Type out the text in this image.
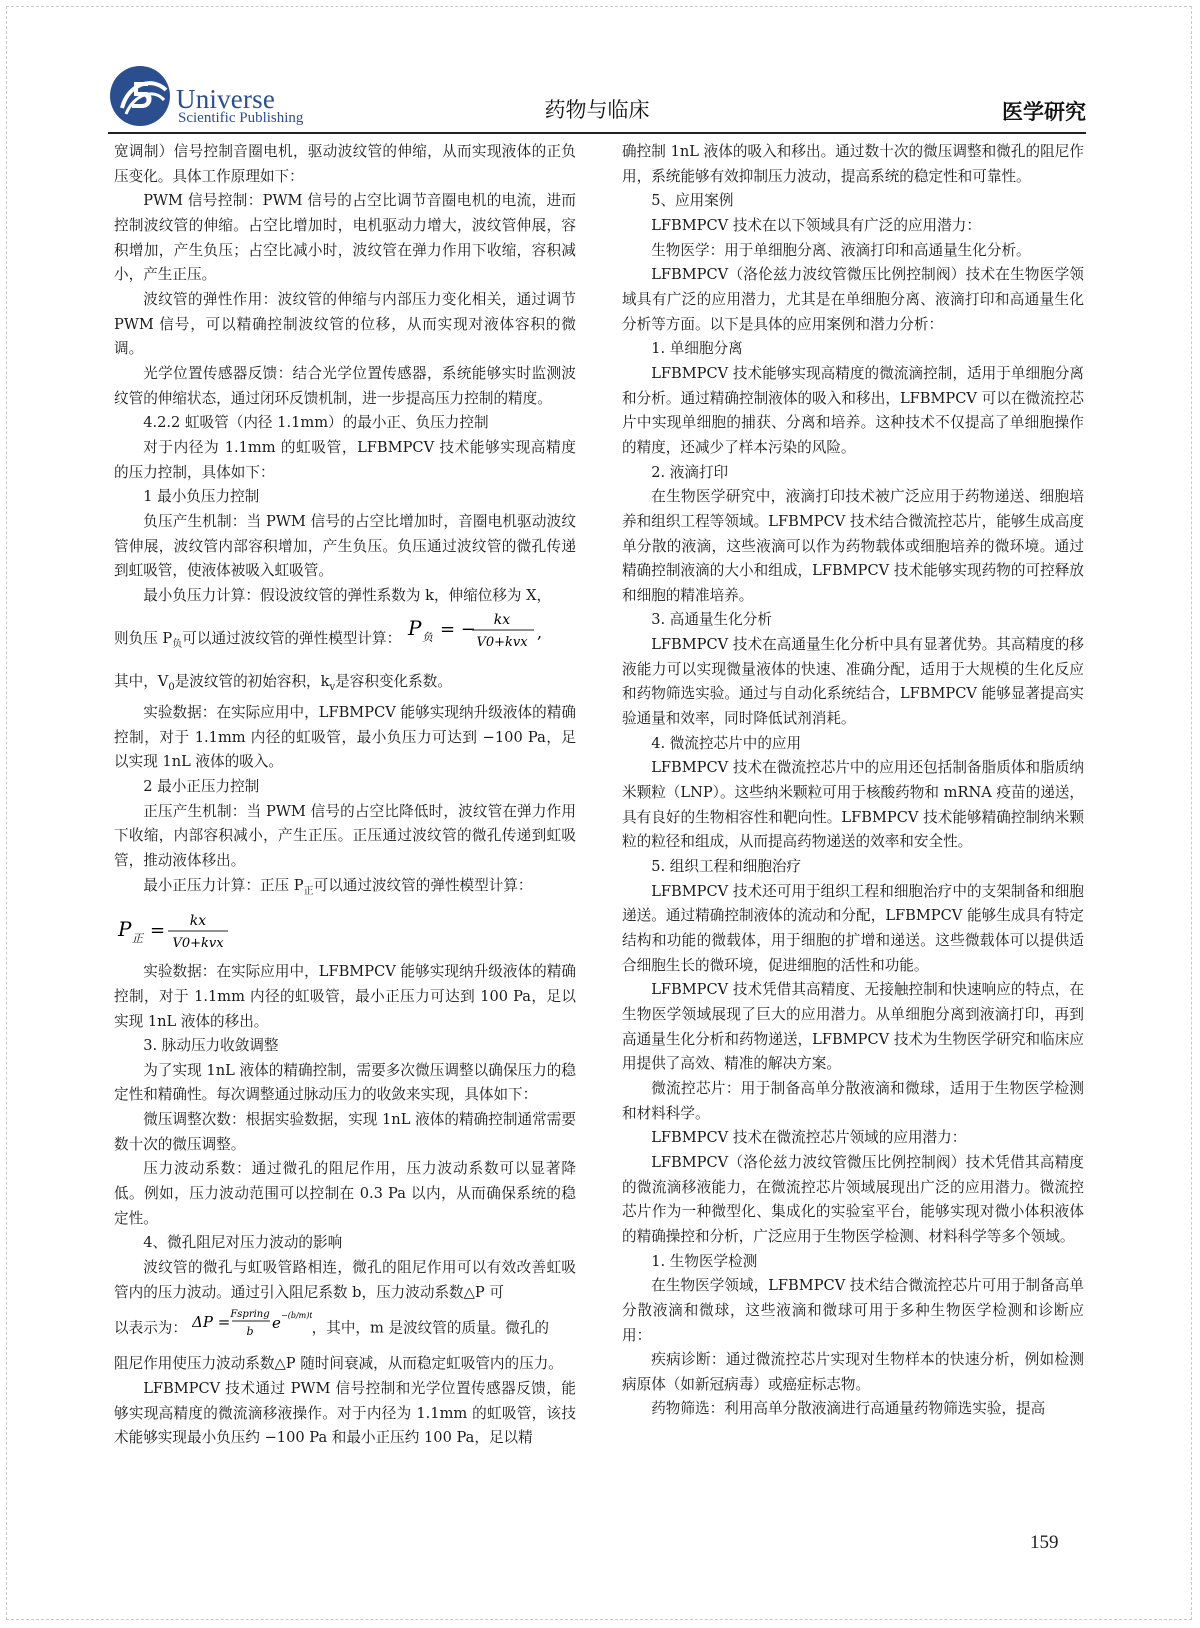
Universe
Scientific Publishing	药物与临床	医学研究

宽调制）信号控制音圈电机，驱动波纹管的伸缩，从而实现液体的正负压变化。具体工作原理如下：

PWM 信号控制：PWM 信号的占空比调节音圈电机的电流，进而控制波纹管的伸缩。占空比增加时，电机驱动力增大，波纹管伸展，容积增加，产生负压；占空比减小时，波纹管在弹力作用下收缩，容积减小，产生正压。

波纹管的弹性作用：波纹管的伸缩与内部压力变化相关，通过调节 PWM 信号，可以精确控制波纹管的位移，从而实现对液体容积的微调。

光学位置传感器反馈：结合光学位置传感器，系统能够实时监测波纹管的伸缩状态，通过闭环反馈机制，进一步提高压力控制的精度。

4.2.2 虹吸管（内径 1.1mm）的最小正、负压力控制

对于内径为 1.1mm 的虹吸管，LFBMPCV 技术能够实现高精度的压力控制，具体如下：

1 最小负压力控制

负压产生机制：当 PWM 信号的占空比增加时，音圈电机驱动波纹管伸展，波纹管内部容积增加，产生负压。负压通过波纹管的微孔传递到虹吸管，使液体被吸入虹吸管。

最小负压力计算：假设波纹管的弹性系数为 k，伸缩位移为 X，

则负压 $P_负$可以通过波纹管的弹性模型计算： P 负 = − kx
V0+kvx
,

其中，$V_0$是波纹管的初始容积，$k_v$是容积变化系数。

实验数据：在实际应用中，LFBMPCV 能够实现纳升级液体的精确控制，对于 1.1mm 内径的虹吸管，最小负压力可达到 −100 Pa，足以实现 1nL 液体的吸入。

2 最小正压力控制

正压产生机制：当 PWM 信号的占空比降低时，波纹管在弹力作用下收缩，内部容积减小，产生正压。正压通过波纹管的微孔传递到虹吸管，推动液体移出。

最小正压力计算：正压 $P_正$可以通过波纹管的弹性模型计算：

P 正 = kx
V0+kvx

实验数据：在实际应用中，LFBMPCV 能够实现纳升级液体的精确控制，对于 1.1mm 内径的虹吸管，最小正压力可达到 100 Pa，足以实现 1nL 液体的移出。

3. 脉动压力收敛调整

为了实现 1nL 液体的精确控制，需要多次微压调整以确保压力的稳定性和精确性。每次调整通过脉动压力的收敛来实现，具体如下：

微压调整次数：根据实验数据，实现 1nL 液体的精确控制通常需要数十次的微压调整。

压力波动系数：通过微孔的阻尼作用，压力波动系数可以显著降低。例如，压力波动范围可以控制在 0.3 Pa 以内，从而确保系统的稳定性。

4、微孔阻尼对压力波动的影响

波纹管的微孔与虹吸管路相连，微孔的阻尼作用可以有效改善虹吸管内的压力波动。通过引入阻尼系数 b，压力波动系数△P 可

以表示为： ΔP = Fspring
b e −(b/m)t
，其中，m 是波纹管的质量。微孔的

阻尼作用使压力波动系数△P 随时间衰减，从而稳定虹吸管内的压力。

LFBMPCV 技术通过 PWM 信号控制和光学位置传感器反馈，能够实现高精度的微流滴移液操作。对于内径为 1.1mm 的虹吸管，该技术能够实现最小负压约 −100 Pa 和最小正压约 100 Pa，足以精

确控制 1nL 液体的吸入和移出。通过数十次的微压调整和微孔的阻尼作用，系统能够有效抑制压力波动，提高系统的稳定性和可靠性。

5、应用案例

LFBMPCV 技术在以下领域具有广泛的应用潜力：

生物医学：用于单细胞分离、液滴打印和高通量生化分析。

LFBMPCV（洛伦兹力波纹管微压比例控制阀）技术在生物医学领域具有广泛的应用潜力，尤其是在单细胞分离、液滴打印和高通量生化分析等方面。以下是具体的应用案例和潜力分析：

1. 单细胞分离

LFBMPCV 技术能够实现高精度的微流滴控制，适用于单细胞分离和分析。通过精确控制液体的吸入和移出，LFBMPCV 可以在微流控芯片中实现单细胞的捕获、分离和培养。这种技术不仅提高了单细胞操作的精度，还减少了样本污染的风险。

2. 液滴打印

在生物医学研究中，液滴打印技术被广泛应用于药物递送、细胞培养和组织工程等领域。LFBMPCV 技术结合微流控芯片，能够生成高度单分散的液滴，这些液滴可以作为药物载体或细胞培养的微环境。通过精确控制液滴的大小和组成，LFBMPCV 技术能够实现药物的可控释放和细胞的精准培养。

3. 高通量生化分析

LFBMPCV 技术在高通量生化分析中具有显著优势。其高精度的移液能力可以实现微量液体的快速、准确分配，适用于大规模的生化反应和药物筛选实验。通过与自动化系统结合，LFBMPCV 能够显著提高实验通量和效率，同时降低试剂消耗。

4. 微流控芯片中的应用

LFBMPCV 技术在微流控芯片中的应用还包括制备脂质体和脂质纳米颗粒（LNP）。这些纳米颗粒可用于核酸药物和 mRNA 疫苗的递送，具有良好的生物相容性和靶向性。LFBMPCV 技术能够精确控制纳米颗粒的粒径和组成，从而提高药物递送的效率和安全性。

5. 组织工程和细胞治疗

LFBMPCV 技术还可用于组织工程和细胞治疗中的支架制备和细胞递送。通过精确控制液体的流动和分配，LFBMPCV 能够生成具有特定结构和功能的微载体，用于细胞的扩增和递送。这些微载体可以提供适合细胞生长的微环境，促进细胞的活性和功能。

LFBMPCV 技术凭借其高精度、无接触控制和快速响应的特点，在生物医学领域展现了巨大的应用潜力。从单细胞分离到液滴打印，再到高通量生化分析和药物递送，LFBMPCV 技术为生物医学研究和临床应用提供了高效、精准的解决方案。

微流控芯片：用于制备高单分散液滴和微球，适用于生物医学检测和材料科学。

LFBMPCV 技术在微流控芯片领域的应用潜力：

LFBMPCV（洛伦兹力波纹管微压比例控制阀）技术凭借其高精度的微流滴移液能力，在微流控芯片领域展现出广泛的应用潜力。微流控芯片作为一种微型化、集成化的实验室平台，能够实现对微小体积液体的精确操控和分析，广泛应用于生物医学检测、材料科学等多个领域。

1. 生物医学检测

在生物医学领域，LFBMPCV 技术结合微流控芯片可用于制备高单分散液滴和微球，这些液滴和微球可用于多种生物医学检测和诊断应用：

疾病诊断：通过微流控芯片实现对生物样本的快速分析，例如检测病原体（如新冠病毒）或癌症标志物。

药物筛选：利用高单分散液滴进行高通量药物筛选实验，提高

159
